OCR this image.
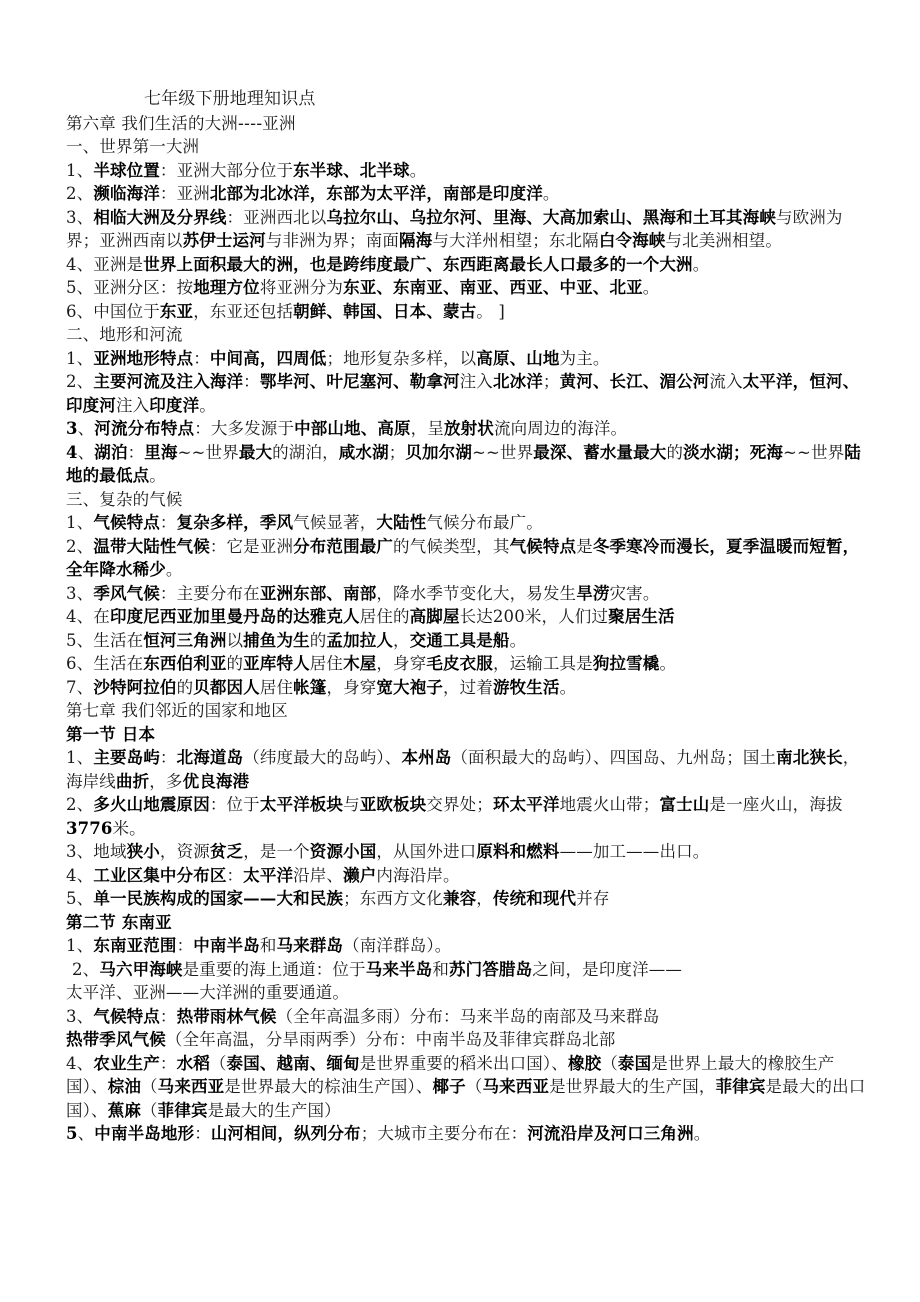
七年级下册地理知识点

第六章 我们生活的大洲----亚洲

一、世界第一大洲

1、半球位置：亚洲大部分位于东半球、北半球。

2、濒临海洋：亚洲北部为北冰洋，东部为太平洋，南部是印度洋。

3、相临大洲及分界线：亚洲西北以乌拉尔山、乌拉尔河、里海、大高加索山、黑海和土耳其海峡与欧洲为界；亚洲西南以苏伊士运河与非洲为界；南面隔海与大洋州相望；东北隔白令海峡与北美洲相望。

4、亚洲是世界上面积最大的洲，也是跨纬度最广、东西距离最长人口最多的一个大洲。

5、亚洲分区：按地理方位将亚洲分为东亚、东南亚、南亚、西亚、中亚、北亚。

6、中国位于东亚，东亚还包括朝鲜、韩国、日本、蒙古。 ]

二、地形和河流

1、亚洲地形特点：中间高，四周低；地形复杂多样，以高原、山地为主。

2、主要河流及注入海洋：鄂毕河、叶尼塞河、勒拿河注入北冰洋；黄河、长江、湄公河流入太平洋，恒河、印度河注入印度洋。

3、河流分布特点：大多发源于中部山地、高原，呈放射状流向周边的海洋。

4、湖泊：里海~~世界最大的湖泊，咸水湖；贝加尔湖~~世界最深、蓄水量最大的淡水湖；死海~~世界陆地的最低点。

三、复杂的气候

1、气候特点：复杂多样，季风气候显著，大陆性气候分布最广。

2、温带大陆性气候：它是亚洲分布范围最广的气候类型，其气候特点是冬季寒冷而漫长，夏季温暖而短暂，全年降水稀少。

3、季风气候：主要分布在亚洲东部、南部，降水季节变化大，易发生旱涝灾害。

4、在印度尼西亚加里曼丹岛的达雅克人居住的高脚屋长达200米，人们过聚居生活

5、生活在恒河三角洲以捕鱼为生的孟加拉人，交通工具是船。

6、生活在东西伯利亚的亚库特人居住木屋，身穿毛皮衣服，运输工具是狗拉雪橇。

7、沙特阿拉伯的贝都因人居住帐篷，身穿宽大袍子，过着游牧生活。

第七章 我们邻近的国家和地区

第一节 日本

1、主要岛屿：北海道岛（纬度最大的岛屿）、本州岛（面积最大的岛屿）、四国岛、九州岛；国土南北狭长，海岸线曲折，多优良海港

2、多火山地震原因：位于太平洋板块与亚欧板块交界处；环太平洋地震火山带；富士山是一座火山，海拔3776米。

3、地域狭小，资源贫乏，是一个资源小国，从国外进口原料和燃料——加工——出口。

4、工业区集中分布区：太平洋沿岸、濑户内海沿岸。

5、单一民族构成的国家——大和民族；东西方文化兼容，传统和现代并存

第二节 东南亚

1、东南亚范围：中南半岛和马来群岛（南洋群岛）。

2、马六甲海峡是重要的海上通道：位于马来半岛和苏门答腊岛之间，是印度洋——

太平洋、亚洲——大洋洲的重要通道。

3、气候特点：热带雨林气候（全年高温多雨）分布：马来半岛的南部及马来群岛

热带季风气候（全年高温，分旱雨两季）分布：中南半岛及菲律宾群岛北部

4、农业生产：水稻（泰国、越南、缅甸是世界重要的稻米出口国）、橡胶（泰国是世界上最大的橡胶生产国）、棕油（马来西亚是世界最大的棕油生产国）、椰子（马来西亚是世界最大的生产国，菲律宾是最大的出口国）、蕉麻（菲律宾是最大的生产国）

5、中南半岛地形：山河相间，纵列分布；大城市主要分布在：河流沿岸及河口三角洲。
